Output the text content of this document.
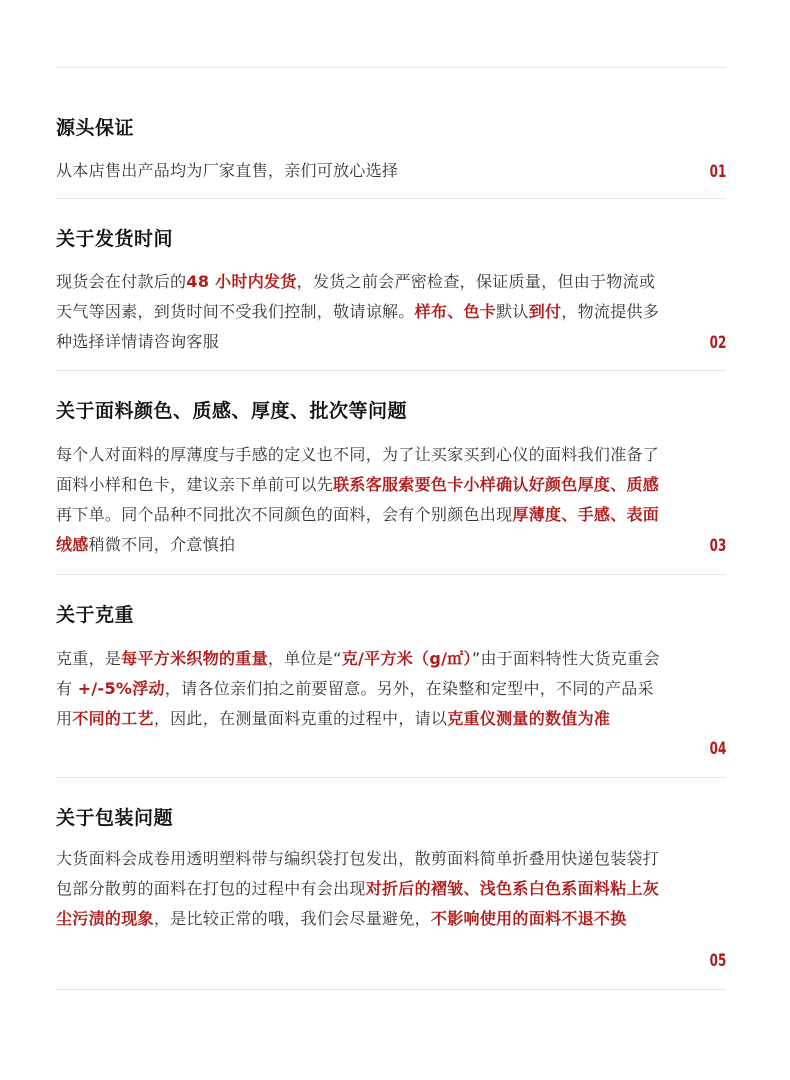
源头保证
从本店售出产品均为厂家直售，亲们可放心选择	01
关于发货时间
现货会在付款后的48 小时内发货，发货之前会严密检查，保证质量，但由于物流或天气等因素，到货时间不受我们控制，敬请谅解。样布、色卡默认到付，物流提供多种选择详情请咨询客服	02
关于面料颜色、质感、厚度、批次等问题
每个人对面料的厚薄度与手感的定义也不同，为了让买家买到心仪的面料我们准备了面料小样和色卡，建议亲下单前可以先联系客服索要色卡小样确认好颜色厚度、质感再下单。同个品种不同批次不同颜色的面料，会有个别颜色出现厚薄度、手感、表面绒感稍微不同，介意慎拍	03
关于克重
克重，是每平方米织物的重量，单位是“克/平方米（g/㎡）”由于面料特性大货克重会有 +/-5%浮动，请各位亲们拍之前要留意。另外，在染整和定型中，不同的产品采用不同的工艺，因此，在测量面料克重的过程中，请以克重仪测量的数值为准
04
关于包装问题
大货面料会成卷用透明塑料带与编织袋打包发出，散剪面料简单折叠用快递包装袋打包部分散剪的面料在打包的过程中有会出现对折后的褶皱、浅色系白色系面料粘上灰尘污渍的现象，是比较正常的哦，我们会尽量避免，不影响使用的面料不退不换
05
